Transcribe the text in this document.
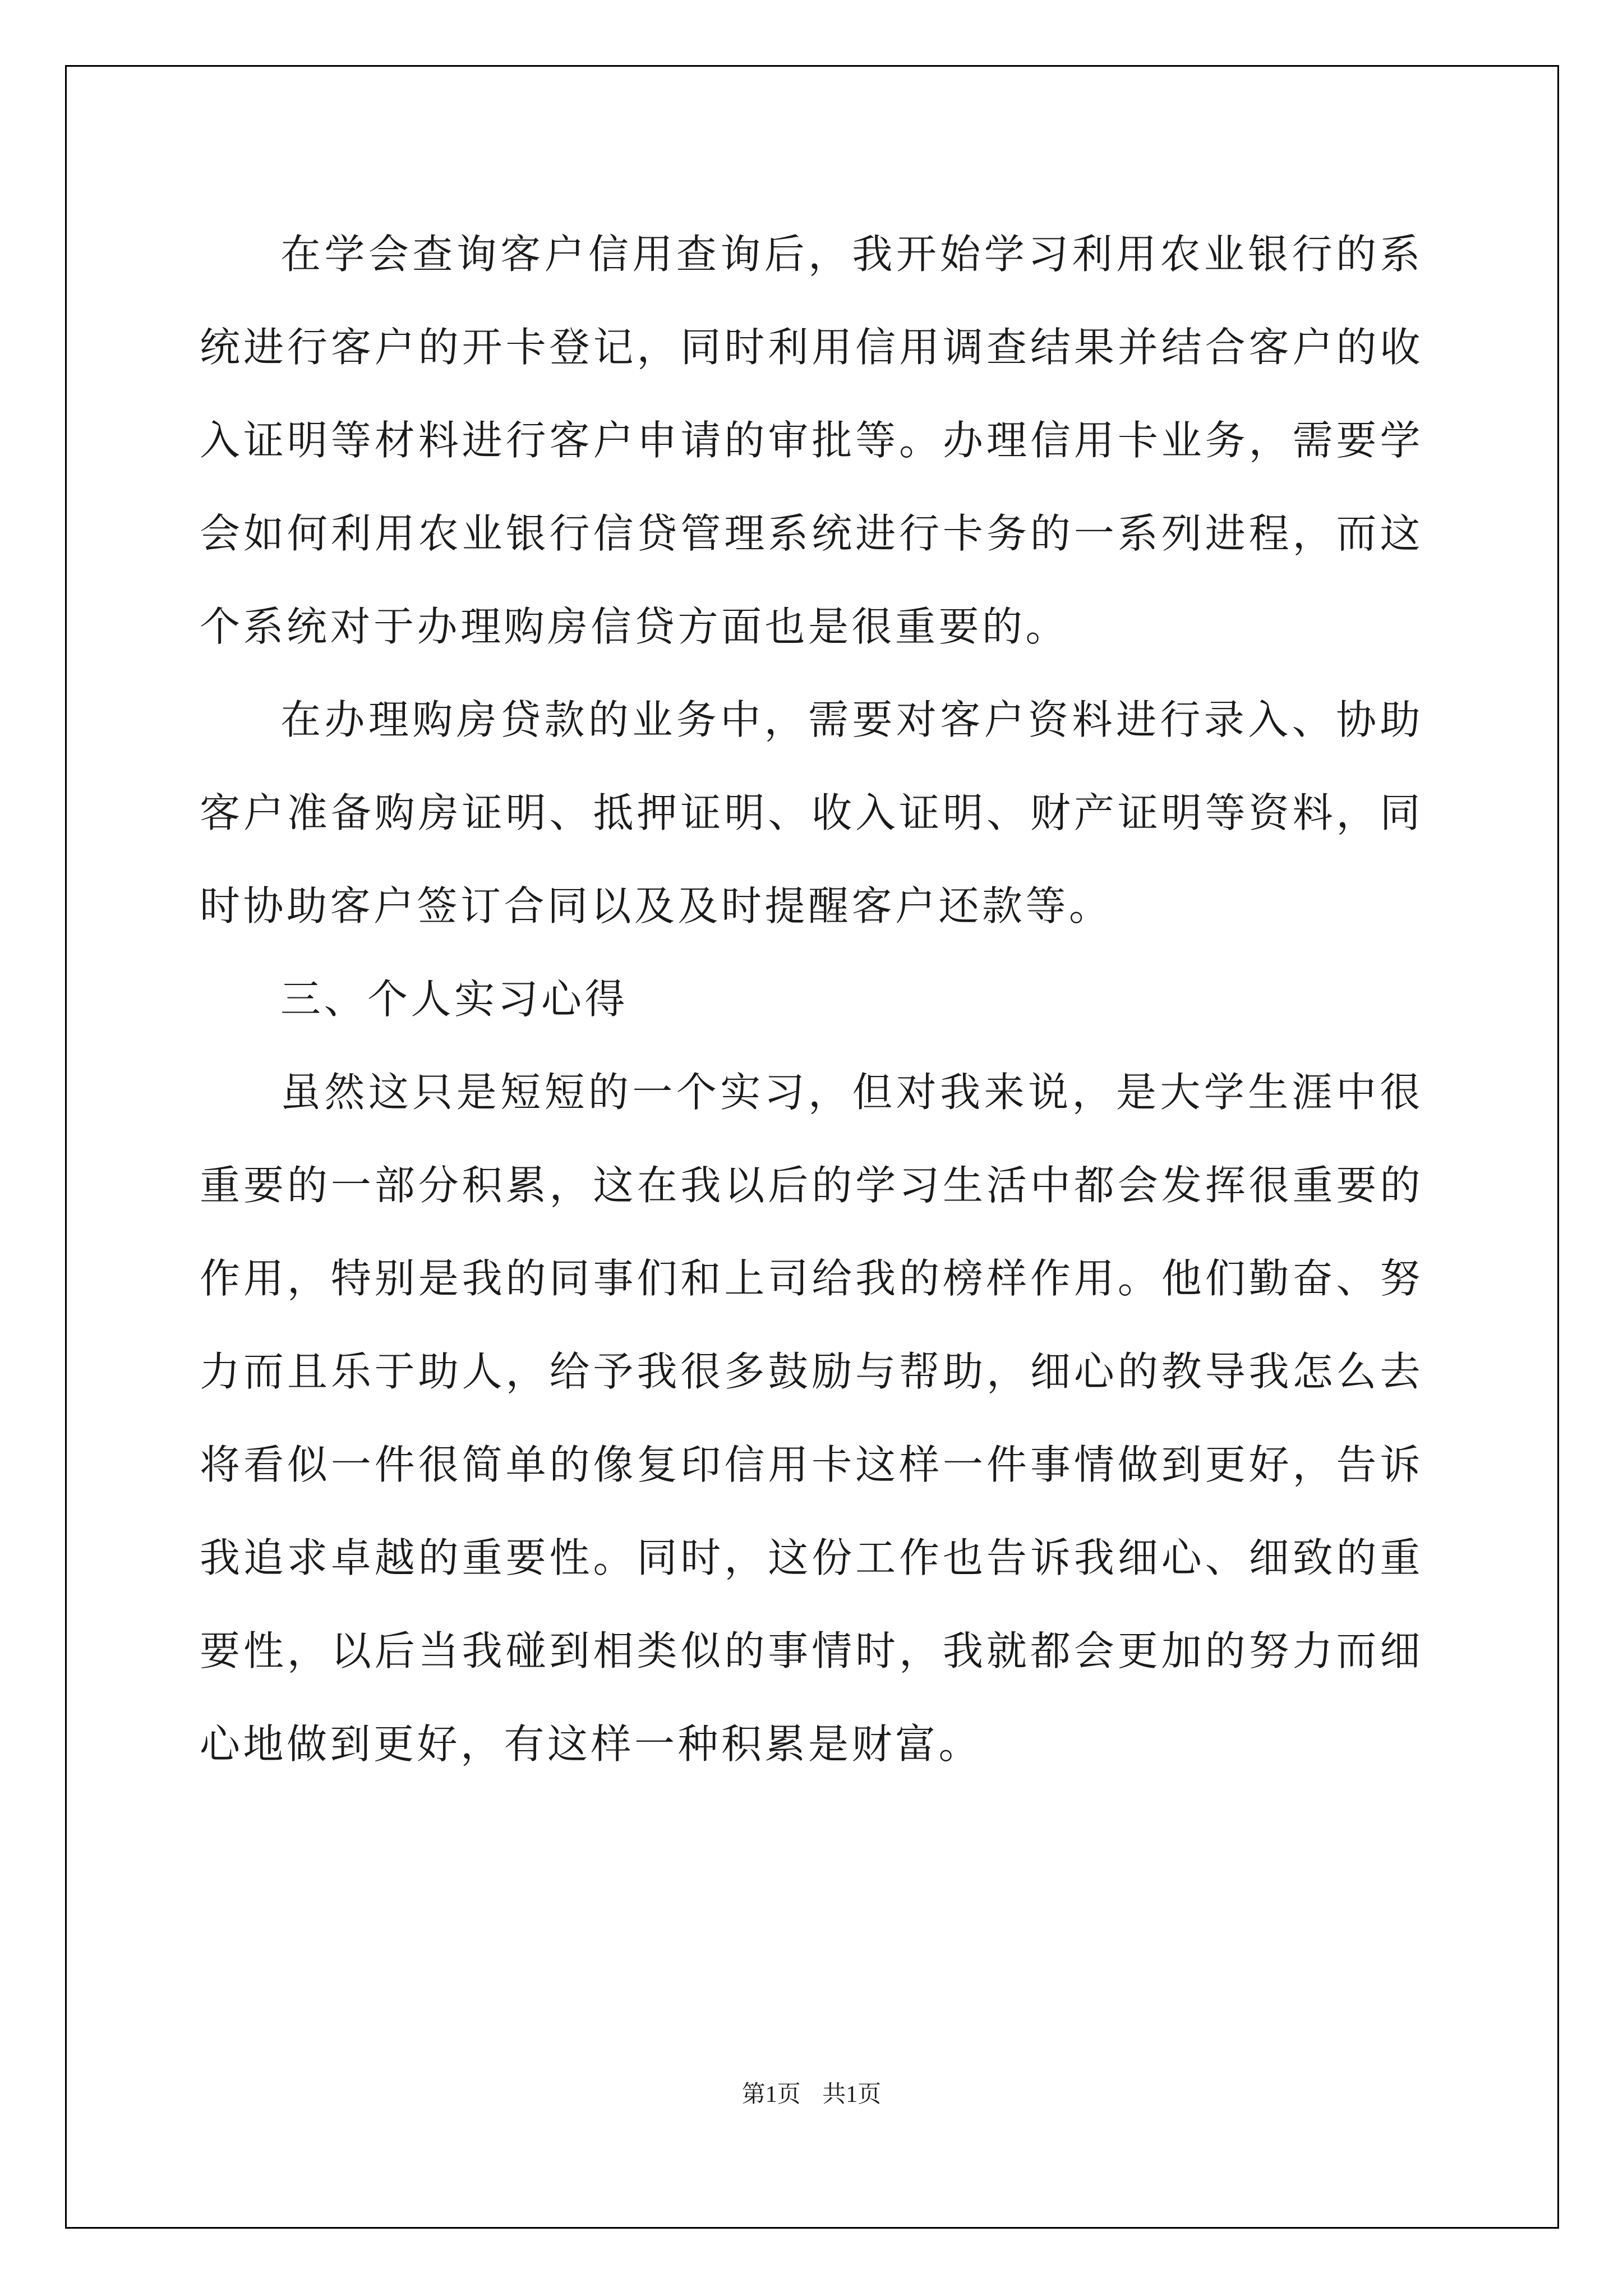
在学会查询客户信用查询后，我开始学习利用农业银行的系统进行客户的开卡登记，同时利用信用调查结果并结合客户的收入证明等材料进行客户申请的审批等。办理信用卡业务，需要学会如何利用农业银行信贷管理系统进行卡务的一系列进程，而这个系统对于办理购房信贷方面也是很重要的。

在办理购房贷款的业务中，需要对客户资料进行录入、协助客户准备购房证明、抵押证明、收入证明、财产证明等资料，同时协助客户签订合同以及及时提醒客户还款等。

三、个人实习心得

虽然这只是短短的一个实习，但对我来说，是大学生涯中很重要的一部分积累，这在我以后的学习生活中都会发挥很重要的作用，特别是我的同事们和上司给我的榜样作用。他们勤奋、努力而且乐于助人，给予我很多鼓励与帮助，细心的教导我怎么去将看似一件很简单的像复印信用卡这样一件事情做到更好，告诉我追求卓越的重要性。同时，这份工作也告诉我细心、细致的重要性，以后当我碰到相类似的事情时，我就都会更加的努力而细心地做到更好，有这样一种积累是财富。

第1页 共1页
